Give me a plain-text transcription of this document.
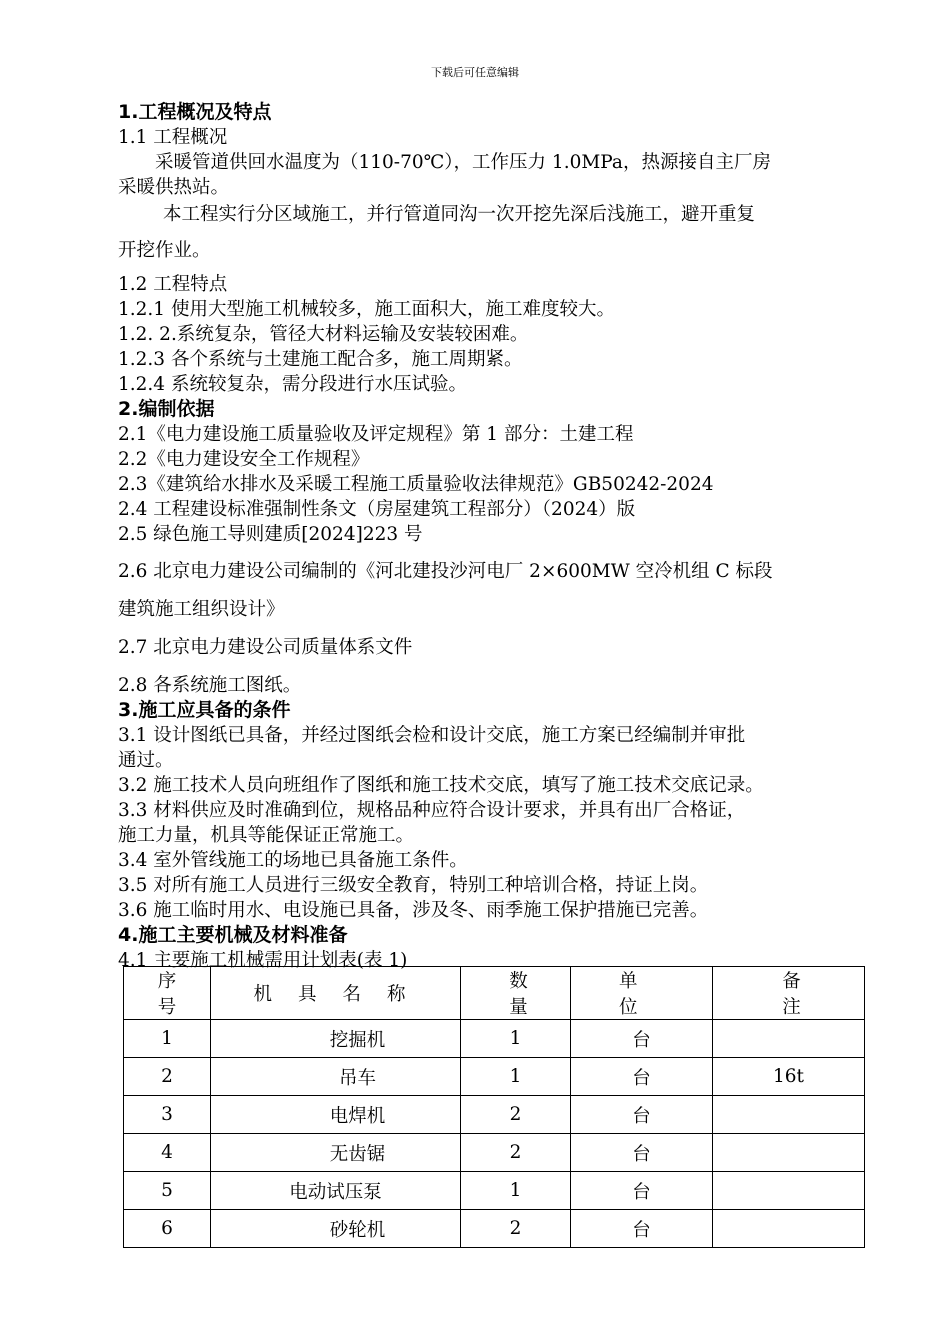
下载后可任意编辑
1.工程概况及特点
1.1 工程概况
采暖管道供回水温度为（110-70℃），工作压力 1.0MPa，热源接自主厂房
采暖供热站。
本工程实行分区域施工，并行管道同沟一次开挖先深后浅施工，避开重复
开挖作业。
1.2 工程特点
1.2.1 使用大型施工机械较多，施工面积大，施工难度较大。
1.2. 2.系统复杂，管径大材料运输及安装较困难。
1.2.3 各个系统与土建施工配合多，施工周期紧。
1.2.4 系统较复杂，需分段进行水压试验。
2.编制依据
2.1《电力建设施工质量验收及评定规程》第 1 部分：土建工程
2.2《电力建设安全工作规程》
2.3《建筑给水排水及采暖工程施工质量验收法律规范》GB50242-2024
2.4 工程建设标准强制性条文（房屋建筑工程部分）（2024）版
2.5 绿色施工导则建质[2024]223 号
2.6 北京电力建设公司编制的《河北建投沙河电厂 2×600MW 空冷机组 C 标段
建筑施工组织设计》
2.7 北京电力建设公司质量体系文件
2.8 各系统施工图纸。
3.施工应具备的条件
3.1 设计图纸已具备，并经过图纸会检和设计交底，施工方案已经编制并审批
通过。
3.2 施工技术人员向班组作了图纸和施工技术交底，填写了施工技术交底记录。
3.3 材料供应及时准确到位，规格品种应符合设计要求，并具有出厂合格证，
施工力量，机具等能保证正常施工。
3.4 室外管线施工的场地已具备施工条件。
3.5 对所有施工人员进行三级安全教育，特别工种培训合格，持证上岗。
3.6 施工临时用水、电设施已具备，涉及冬、雨季施工保护措施已完善。
4.施工主要机械及材料准备
4.1 主要施工机械需用计划表(表 1)
序号	机具名称	数量	单位	备注
1	挖掘机	1	台	
2	吊车	1	台	16t
3	电焊机	2	台	
4	无齿锯	2	台	
5	电动试压泵	1	台	
6	砂轮机	2	台	
